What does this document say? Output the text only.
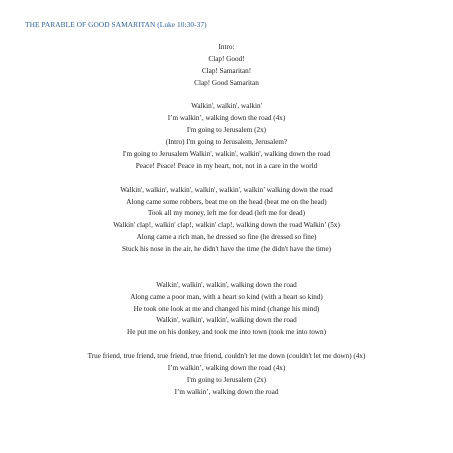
THE PARABLE OF GOOD SAMARITAN (Luke 10:30-37)
Intro:
Clap! Good!
Clap! Samaritan!
Clap! Good Samaritan
Walkin', walkin', walkin'
I’m walkin’, walking down the road (4x)
I'm going to Jerusalem (2x)
(Intro) I'm going to Jerusalem, Jerusalem?
I'm going to Jerusalem Walkin', walkin', walkin', walking down the road
Peace! Peace! Peace in my heart, not, not in a care in the world
Walkin', walkin', walkin', walkin', walkin', walkin’ walking down the road
Along came some robbers, beat me on the head (beat me on the head)
Took all my money, left me for dead (left me for dead)
Walkin' clap!, walkin' clap!, walkin' clap!, walking down the road Walkin’ (5x)
Along came a rich man, he dressed so fine (he dressed so fine)
Stuck his nose in the air, he didn't have the time (he didn't have the time)
Walkin', walkin', walkin', walking down the road
Along came a poor man, with a heart so kind (with a heart so kind)
He took one look at me and changed his mind (change his mind)
Walkin', walkin', walkin', walking down the road
He put me on his donkey, and took me into town (took me into town)
True friend, true friend, true friend, true friend, couldn't let me down (couldn't let me down) (4x)
I’m walkin’, walking down the road (4x)
I'm going to Jerusalem (2x)
I’m walkin’, walking down the road
